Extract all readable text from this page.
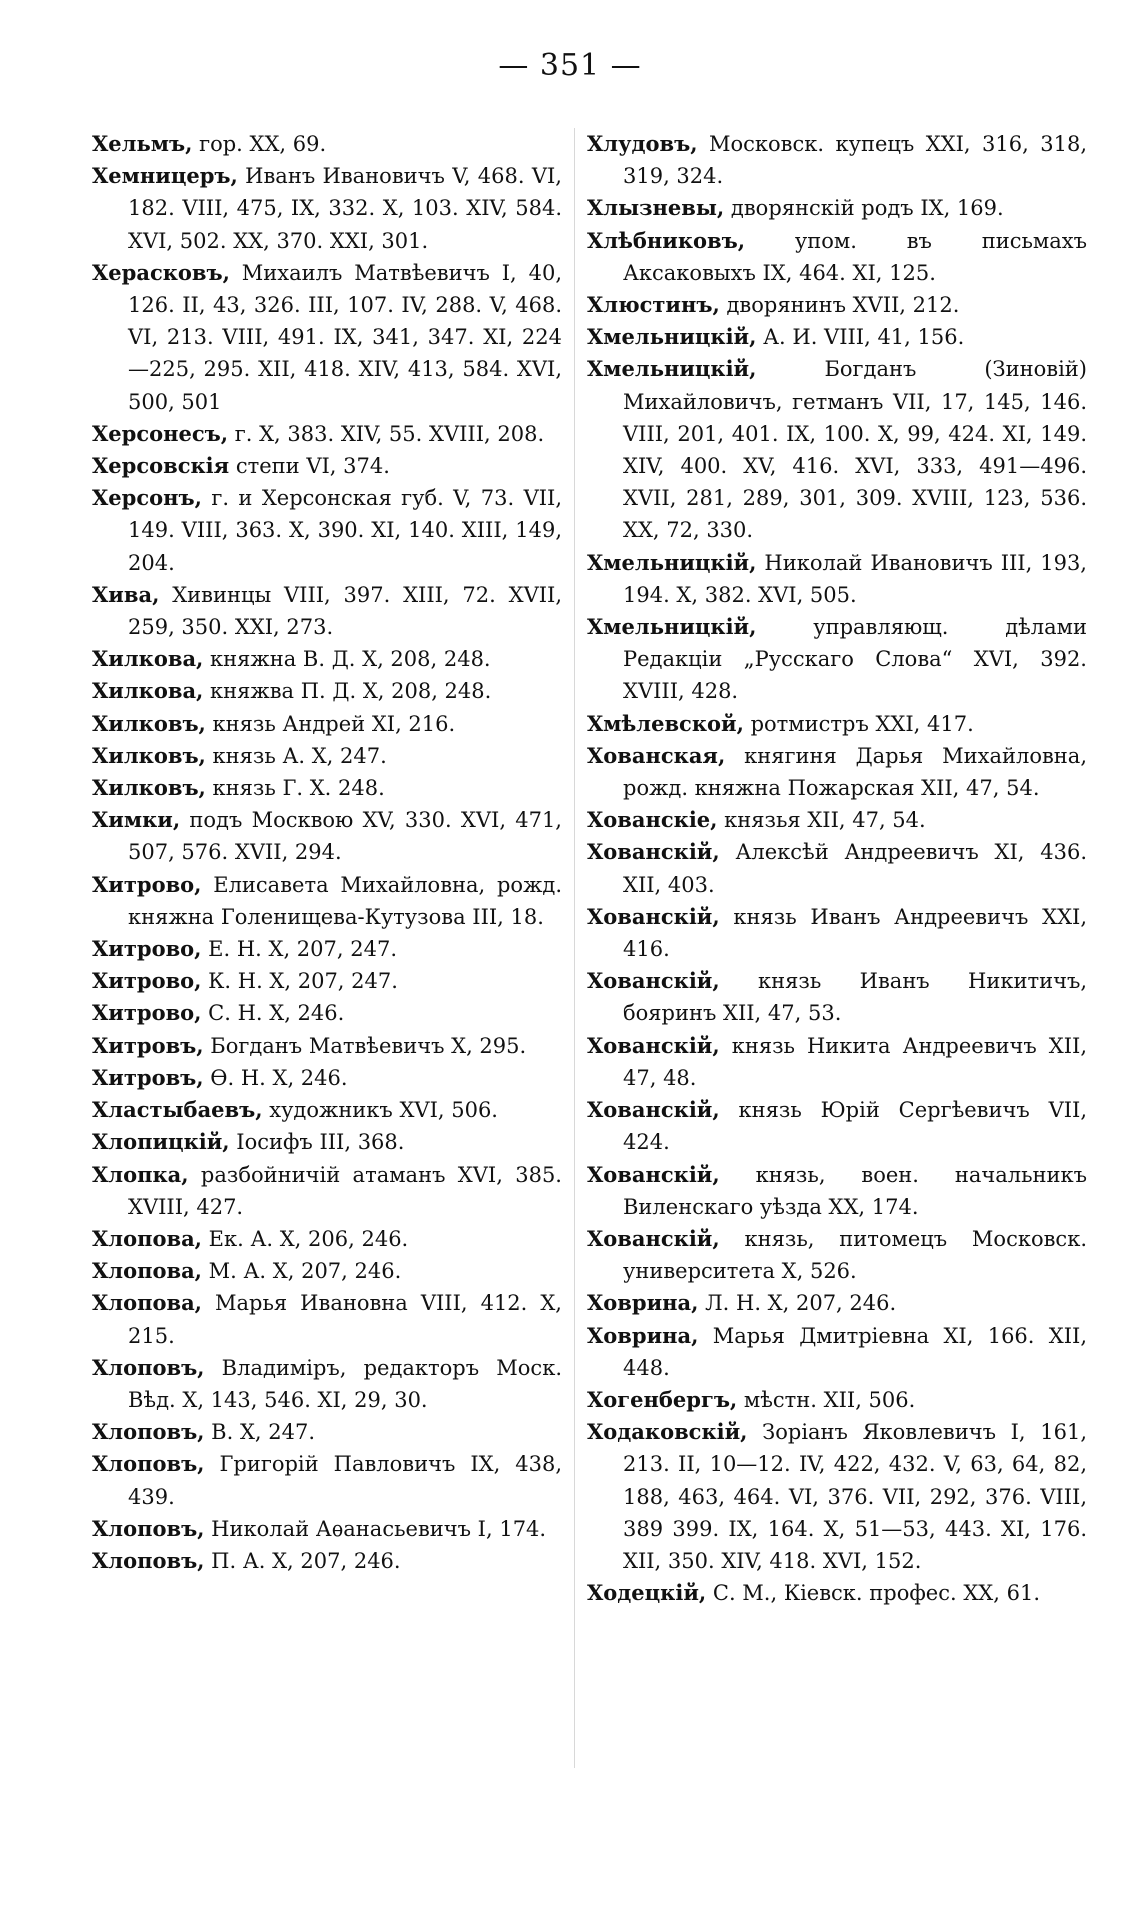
— 351 —

Хельмъ, гор. XX, 69.

Хемницеръ, Иванъ Ивановичъ V, 468. VI, 182. VIII, 475, IX, 332. X, 103. XIV, 584. XVI, 502. XX, 370. XXI, 301.

Херасковъ, Михаилъ Матвѣевичъ I, 40, 126. II, 43, 326. III, 107. IV, 288. V, 468. VI, 213. VIII, 491. IX, 341, 347. XI, 224—225, 295. XII, 418. XIV, 413, 584. XVI, 500, 501

Херсонесъ, г. X, 383. XIV, 55. XVIII, 208.

Херсовскія степи VI, 374.

Херсонъ, г. и Херсонская губ. V, 73. VII, 149. VIII, 363. X, 390. XI, 140. XIII, 149, 204.

Хива, Хивинцы VIII, 397. XIII, 72. XVII, 259, 350. XXI, 273.

Хилкова, княжна В. Д. X, 208, 248.

Хилкова, княжва П. Д. X, 208, 248.

Хилковъ, князь Андрей XI, 216.

Хилковъ, князь А. X, 247.

Хилковъ, князь Г. X. 248.

Химки, подъ Москвою XV, 330. XVI, 471, 507, 576. XVII, 294.

Хитрово, Елисавета Михайловна, рожд. княжна Голенищева-Кутузова III, 18.

Хитрово, Е. Н. X, 207, 247.

Хитрово, К. Н. X, 207, 247.

Хитрово, С. Н. X, 246.

Хитровъ, Богданъ Матвѣевичъ X, 295.

Хитровъ, Ѳ. Н. X, 246.

Хластыбаевъ, художникъ XVI, 506.

Хлопицкій, Іосифъ III, 368.

Хлопка, разбойничій атаманъ XVI, 385. XVIII, 427.

Хлопова, Ек. А. X, 206, 246.

Хлопова, М. А. X, 207, 246.

Хлопова, Марья Ивановна VIII, 412. X, 215.

Хлоповъ, Владиміръ, редакторъ Моск. Вѣд. X, 143, 546. XI, 29, 30.

Хлоповъ, В. X, 247.

Хлоповъ, Григорій Павловичъ IX, 438, 439.

Хлоповъ, Николай Аѳанасьевичъ I, 174.

Хлоповъ, П. А. X, 207, 246.

Хлудовъ, Московск. купецъ XXI, 316, 318, 319, 324.

Хлызневы, дворянскій родъ IX, 169.

Хлѣбниковъ, упом. въ письмахъ Аксаковыхъ IX, 464. XI, 125.

Хлюстинъ, дворянинъ XVII, 212.

Хмельницкій, А. И. VIII, 41, 156.

Хмельницкій, Богданъ (Зиновій) Михайловичъ, гетманъ VII, 17, 145, 146. VIII, 201, 401. IX, 100. X, 99, 424. XI, 149. XIV, 400. XV, 416. XVI, 333, 491—496. XVII, 281, 289, 301, 309. XVIII, 123, 536. XX, 72, 330.

Хмельницкій, Николай Ивановичъ III, 193, 194. X, 382. XVI, 505.

Хмельницкій, управляющ. дѣлами Редакціи „Русскаго Слова“ XVI, 392. XVIII, 428.

Хмѣлевской, ротмистръ XXI, 417.

Хованская, княгиня Дарья Михайловна, рожд. княжна Пожарская XII, 47, 54.

Хованскіе, князья XII, 47, 54.

Хованскій, Алексѣй Андреевичъ XI, 436. XII, 403.

Хованскій, князь Иванъ Андреевичъ XXI, 416.

Хованскій, князь Иванъ Никитичъ, бояринъ XII, 47, 53.

Хованскій, князь Никита Андреевичъ XII, 47, 48.

Хованскій, князь Юрій Сергѣевичъ VII, 424.

Хованскій, князь, воен. начальникъ Виленскаго уѣзда XX, 174.

Хованскій, князь, питомецъ Московск. университета X, 526.

Ховрина, Л. Н. X, 207, 246.

Ховрина, Марья Дмитріевна XI, 166. XII, 448.

Хогенбергъ, мѣстн. XII, 506.

Ходаковскій, Зоріанъ Яковлевичъ I, 161, 213. II, 10—12. IV, 422, 432. V, 63, 64, 82, 188, 463, 464. VI, 376. VII, 292, 376. VIII, 389 399. IX, 164. X, 51—53, 443. XI, 176. XII, 350. XIV, 418. XVI, 152.

Ходецкій, С. М., Кіевск. профес. XX, 61.
